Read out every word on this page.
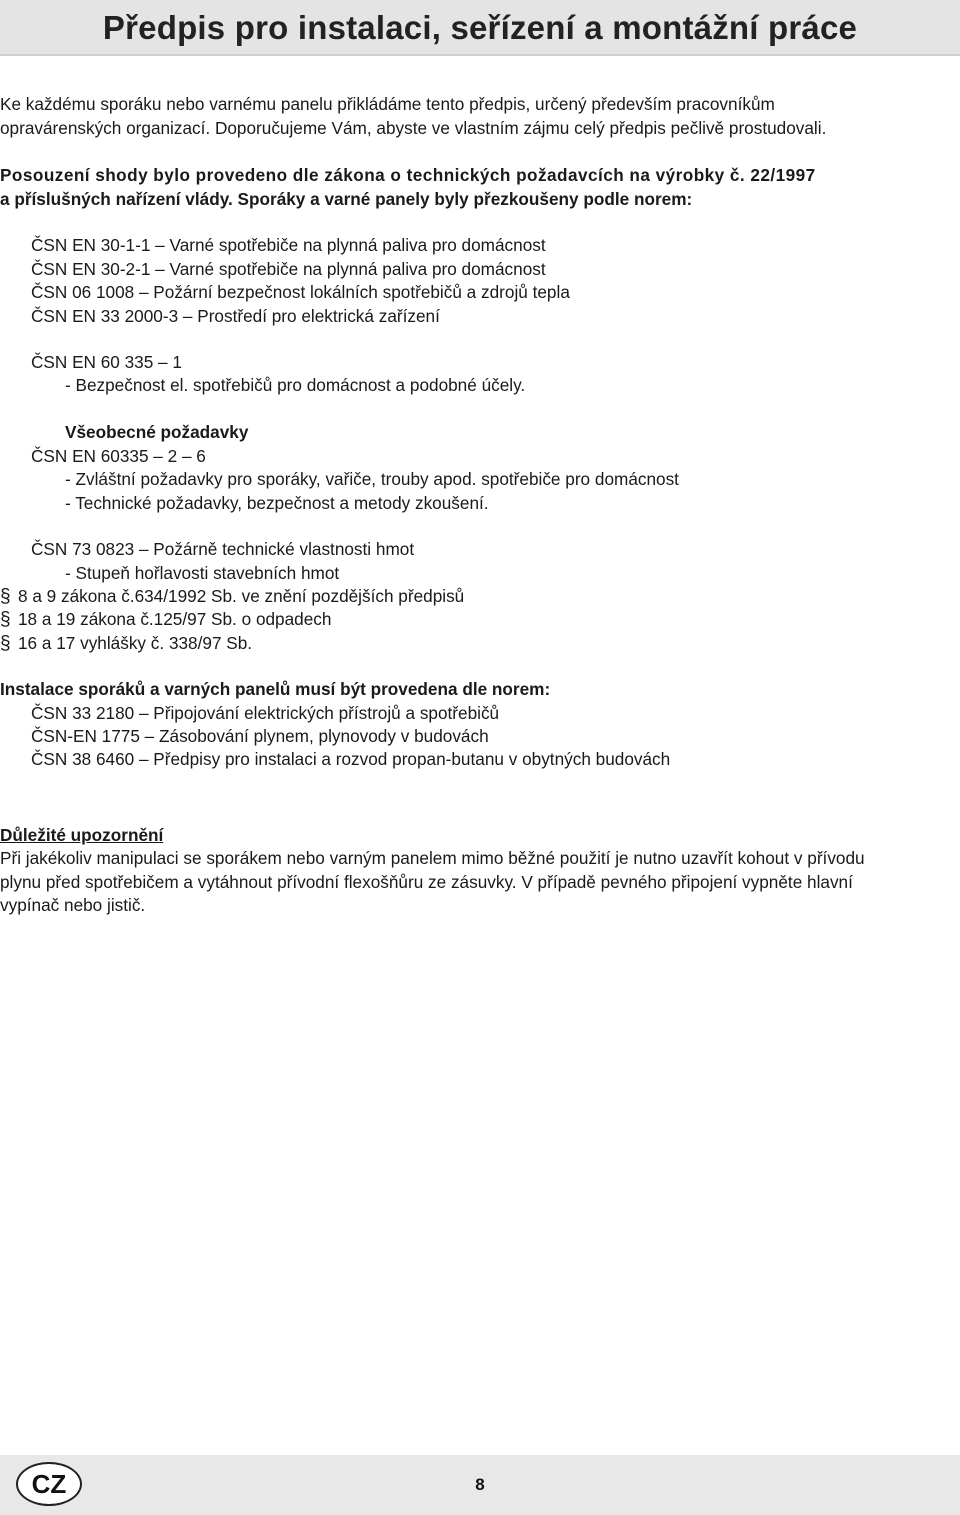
Předpis pro instalaci, seřízení a montážní práce
Ke každému sporáku nebo varnému panelu přikládáme tento předpis, určený především pracovníkům
opravárenských organizací. Doporučujeme Vám, abyste ve vlastním zájmu celý předpis pečlivě prostudovali.
Posouzení shody bylo provedeno dle zákona o technických požadavcích na výrobky č. 22/1997
a příslušných nařízení vlády. Sporáky a varné panely byly přezkoušeny podle norem:
ČSN EN 30-1-1 – Varné spotřebiče na plynná paliva pro domácnost
ČSN EN 30-2-1 – Varné spotřebiče na plynná paliva pro domácnost
ČSN 06 1008 – Požární bezpečnost lokálních spotřebičů a zdrojů tepla
ČSN EN 33 2000-3 – Prostředí pro elektrická zařízení
ČSN EN 60 335 – 1
- Bezpečnost el. spotřebičů pro domácnost a podobné účely.
Všeobecné požadavky
ČSN EN 60335 – 2 – 6
- Zvláštní požadavky pro sporáky, vařiče, trouby apod. spotřebiče pro domácnost
- Technické požadavky, bezpečnost a metody zkoušení.
ČSN 73 0823 – Požárně technické vlastnosti hmot
- Stupeň hořlavosti stavebních hmot
§ 8 a 9 zákona č.634/1992 Sb. ve znění pozdějších předpisů
§ 18 a 19 zákona č.125/97 Sb. o odpadech
§ 16 a 17 vyhlášky č. 338/97 Sb.
Instalace sporáků a varných panelů musí být provedena dle norem:
ČSN 33 2180 – Připojování elektrických přístrojů a spotřebičů
ČSN-EN 1775 – Zásobování plynem, plynovody v budovách
ČSN 38 6460 – Předpisy pro instalaci a rozvod propan-butanu v obytných budovách
Důležité upozornění
Při jakékoliv manipulaci se sporákem nebo varným panelem mimo běžné použití je nutno uzavřít kohout v přívodu
plynu před spotřebičem a vytáhnout přívodní flexošňůru ze zásuvky. V případě pevného připojení vypněte hlavní
vypínač nebo jistič.
CZ	8
